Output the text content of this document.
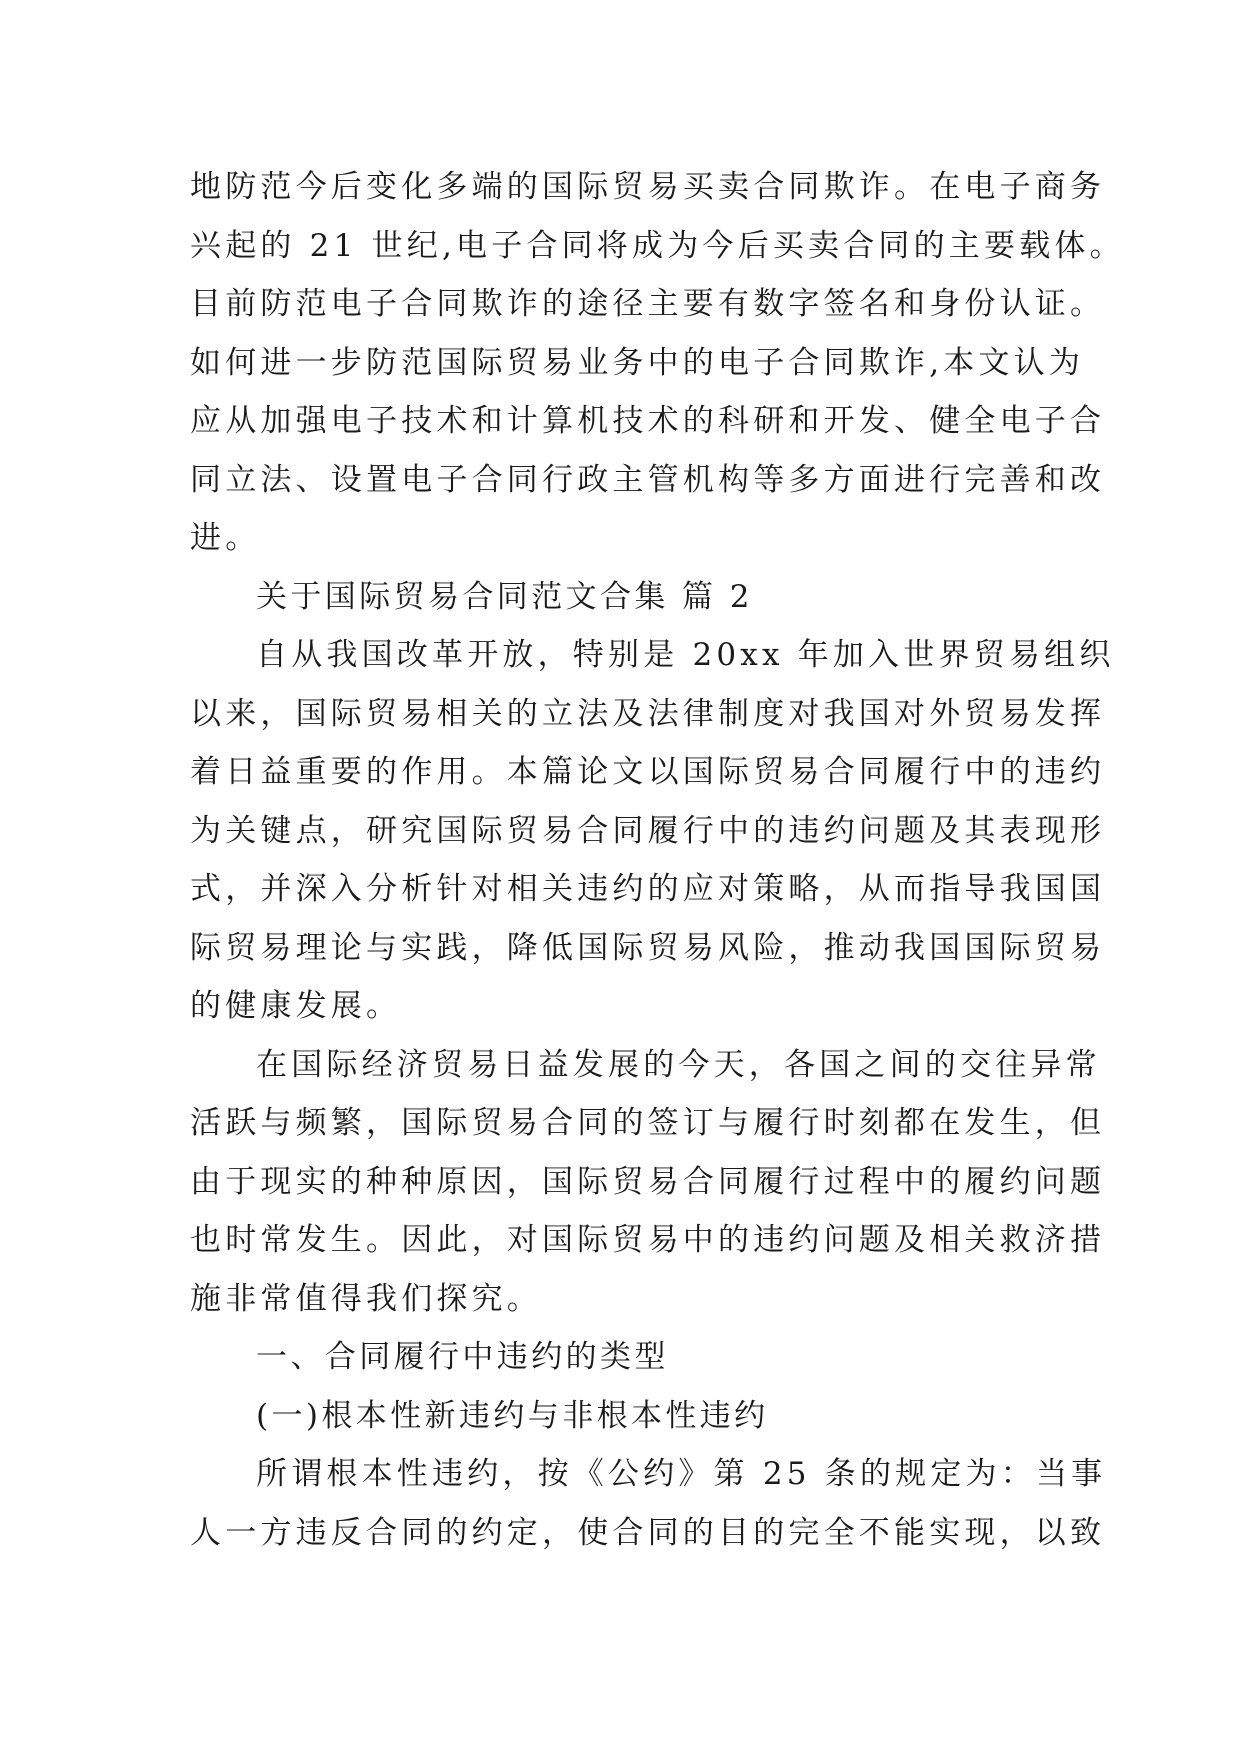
地防范今后变化多端的国际贸易买卖合同欺诈。在电子商务
兴起的 21 世纪,电子合同将成为今后买卖合同的主要载体。
目前防范电子合同欺诈的途径主要有数字签名和身份认证。
如何进一步防范国际贸易业务中的电子合同欺诈,本文认为
应从加强电子技术和计算机技术的科研和开发、健全电子合
同立法、设置电子合同行政主管机构等多方面进行完善和改
进。
关于国际贸易合同范文合集 篇 2
自从我国改革开放，特别是 20xx 年加入世界贸易组织
以来，国际贸易相关的立法及法律制度对我国对外贸易发挥
着日益重要的作用。本篇论文以国际贸易合同履行中的违约
为关键点，研究国际贸易合同履行中的违约问题及其表现形
式，并深入分析针对相关违约的应对策略，从而指导我国国
际贸易理论与实践，降低国际贸易风险，推动我国国际贸易
的健康发展。
在国际经济贸易日益发展的今天，各国之间的交往异常
活跃与频繁，国际贸易合同的签订与履行时刻都在发生，但
由于现实的种种原因，国际贸易合同履行过程中的履约问题
也时常发生。因此，对国际贸易中的违约问题及相关救济措
施非常值得我们探究。
一、合同履行中违约的类型
(一)根本性新违约与非根本性违约
所谓根本性违约，按《公约》第 25 条的规定为：当事
人一方违反合同的约定，使合同的目的完全不能实现，以致
